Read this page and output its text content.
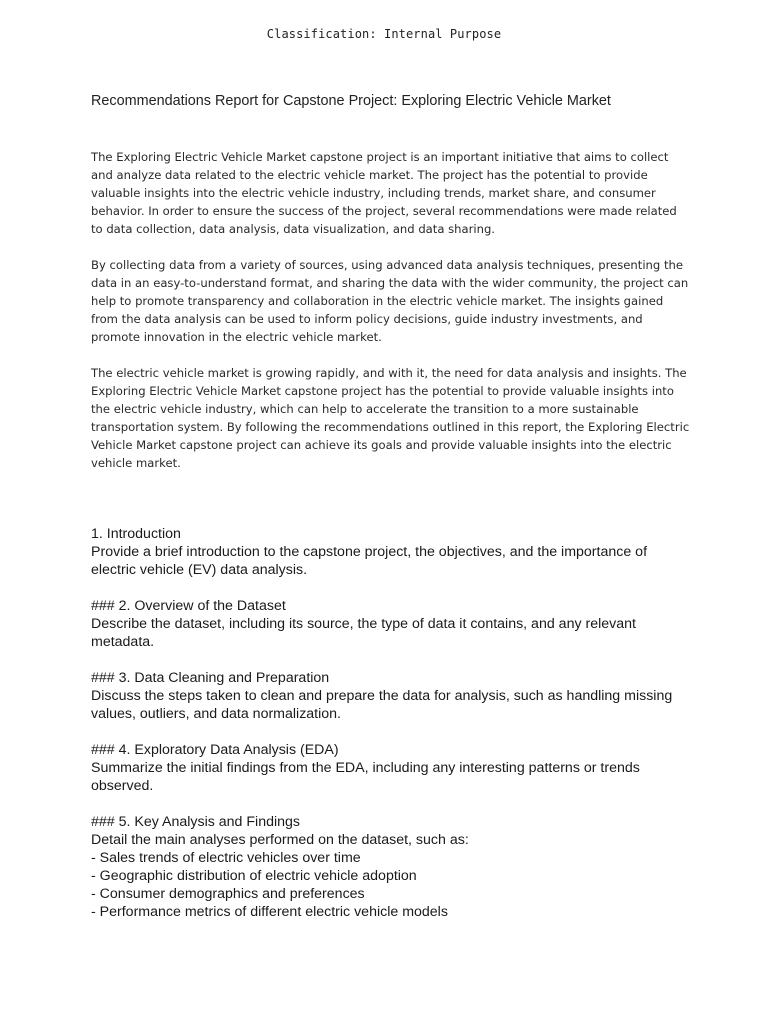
Classification: Internal Purpose
Recommendations Report for Capstone Project: Exploring Electric Vehicle Market

The Exploring Electric Vehicle Market capstone project is an important initiative that aims to collect and analyze data related to the electric vehicle market. The project has the potential to provide valuable insights into the electric vehicle industry, including trends, market share, and consumer behavior. In order to ensure the success of the project, several recommendations were made related to data collection, data analysis, data visualization, and data sharing.

By collecting data from a variety of sources, using advanced data analysis techniques, presenting the data in an easy-to-understand format, and sharing the data with the wider community, the project can help to promote transparency and collaboration in the electric vehicle market. The insights gained from the data analysis can be used to inform policy decisions, guide industry investments, and promote innovation in the electric vehicle market.

The electric vehicle market is growing rapidly, and with it, the need for data analysis and insights. The Exploring Electric Vehicle Market capstone project has the potential to provide valuable insights into the electric vehicle industry, which can help to accelerate the transition to a more sustainable transportation system. By following the recommendations outlined in this report, the Exploring Electric Vehicle Market capstone project can achieve its goals and provide valuable insights into the electric vehicle market.

1. Introduction
Provide a brief introduction to the capstone project, the objectives, and the importance of electric vehicle (EV) data analysis.
### 2. Overview of the Dataset
Describe the dataset, including its source, the type of data it contains, and any relevant metadata.
### 3. Data Cleaning and Preparation
Discuss the steps taken to clean and prepare the data for analysis, such as handling missing values, outliers, and data normalization.
### 4. Exploratory Data Analysis (EDA)
Summarize the initial findings from the EDA, including any interesting patterns or trends observed.
### 5. Key Analysis and Findings
Detail the main analyses performed on the dataset, such as:
- Sales trends of electric vehicles over time
- Geographic distribution of electric vehicle adoption
- Consumer demographics and preferences
- Performance metrics of different electric vehicle models
